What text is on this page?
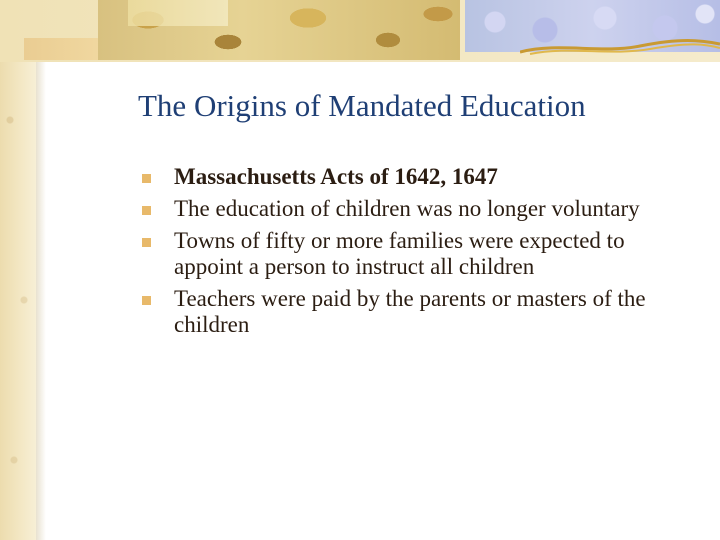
The Origins of Mandated Education
Massachusetts Acts of 1642, 1647
The education of children was no longer voluntary
Towns of fifty or more families were expected to appoint a person to instruct all children
Teachers were paid by the parents or masters of the children
